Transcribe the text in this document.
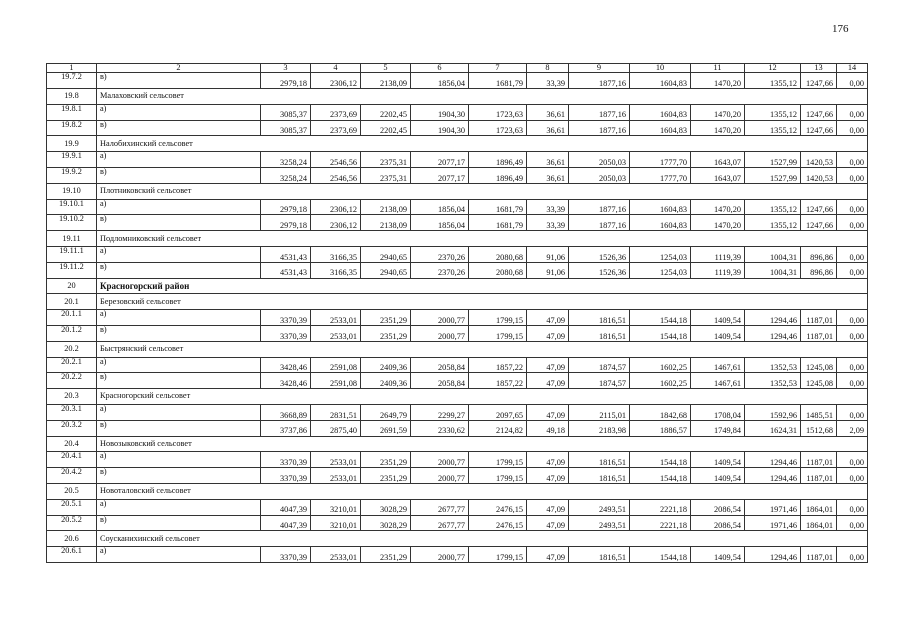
176
1	2	3	4	5	6	7	8	9	10	11	12	13	14
19.7.2	в)	2979,18	2306,12	2138,09	1856,04	1681,79	33,39	1877,16	1604,83	1470,20	1355,12	1247,66	0,00
19.8	Малаховский сельсовет												
19.8.1	а)	3085,37	2373,69	2202,45	1904,30	1723,63	36,61	1877,16	1604,83	1470,20	1355,12	1247,66	0,00
19.8.2	в)	3085,37	2373,69	2202,45	1904,30	1723,63	36,61	1877,16	1604,83	1470,20	1355,12	1247,66	0,00
19.9	Налобихинский сельсовет												
19.9.1	а)	3258,24	2546,56	2375,31	2077,17	1896,49	36,61	2050,03	1777,70	1643,07	1527,99	1420,53	0,00
19.9.2	в)	3258,24	2546,56	2375,31	2077,17	1896,49	36,61	2050,03	1777,70	1643,07	1527,99	1420,53	0,00
19.10	Плотниковский сельсовет												
19.10.1	а)	2979,18	2306,12	2138,09	1856,04	1681,79	33,39	1877,16	1604,83	1470,20	1355,12	1247,66	0,00
19.10.2	в)	2979,18	2306,12	2138,09	1856,04	1681,79	33,39	1877,16	1604,83	1470,20	1355,12	1247,66	0,00
19.11	Подломниковский сельсовет												
19.11.1	а)	4531,43	3166,35	2940,65	2370,26	2080,68	91,06	1526,36	1254,03	1119,39	1004,31	896,86	0,00
19.11.2	в)	4531,43	3166,35	2940,65	2370,26	2080,68	91,06	1526,36	1254,03	1119,39	1004,31	896,86	0,00
20	Красногорский район												
20.1	Березовский сельсовет												
20.1.1	а)	3370,39	2533,01	2351,29	2000,77	1799,15	47,09	1816,51	1544,18	1409,54	1294,46	1187,01	0,00
20.1.2	в)	3370,39	2533,01	2351,29	2000,77	1799,15	47,09	1816,51	1544,18	1409,54	1294,46	1187,01	0,00
20.2	Быстрянский сельсовет												
20.2.1	а)	3428,46	2591,08	2409,36	2058,84	1857,22	47,09	1874,57	1602,25	1467,61	1352,53	1245,08	0,00
20.2.2	в)	3428,46	2591,08	2409,36	2058,84	1857,22	47,09	1874,57	1602,25	1467,61	1352,53	1245,08	0,00
20.3	Красногорский сельсовет												
20.3.1	а)	3668,89	2831,51	2649,79	2299,27	2097,65	47,09	2115,01	1842,68	1708,04	1592,96	1485,51	0,00
20.3.2	в)	3737,86	2875,40	2691,59	2330,62	2124,82	49,18	2183,98	1886,57	1749,84	1624,31	1512,68	2,09
20.4	Новозыковский сельсовет												
20.4.1	а)	3370,39	2533,01	2351,29	2000,77	1799,15	47,09	1816,51	1544,18	1409,54	1294,46	1187,01	0,00
20.4.2	в)	3370,39	2533,01	2351,29	2000,77	1799,15	47,09	1816,51	1544,18	1409,54	1294,46	1187,01	0,00
20.5	Новоталовский сельсовет												
20.5.1	а)	4047,39	3210,01	3028,29	2677,77	2476,15	47,09	2493,51	2221,18	2086,54	1971,46	1864,01	0,00
20.5.2	в)	4047,39	3210,01	3028,29	2677,77	2476,15	47,09	2493,51	2221,18	2086,54	1971,46	1864,01	0,00
20.6	Соусканихинский сельсовет												
20.6.1	а)	3370,39	2533,01	2351,29	2000,77	1799,15	47,09	1816,51	1544,18	1409,54	1294,46	1187,01	0,00
